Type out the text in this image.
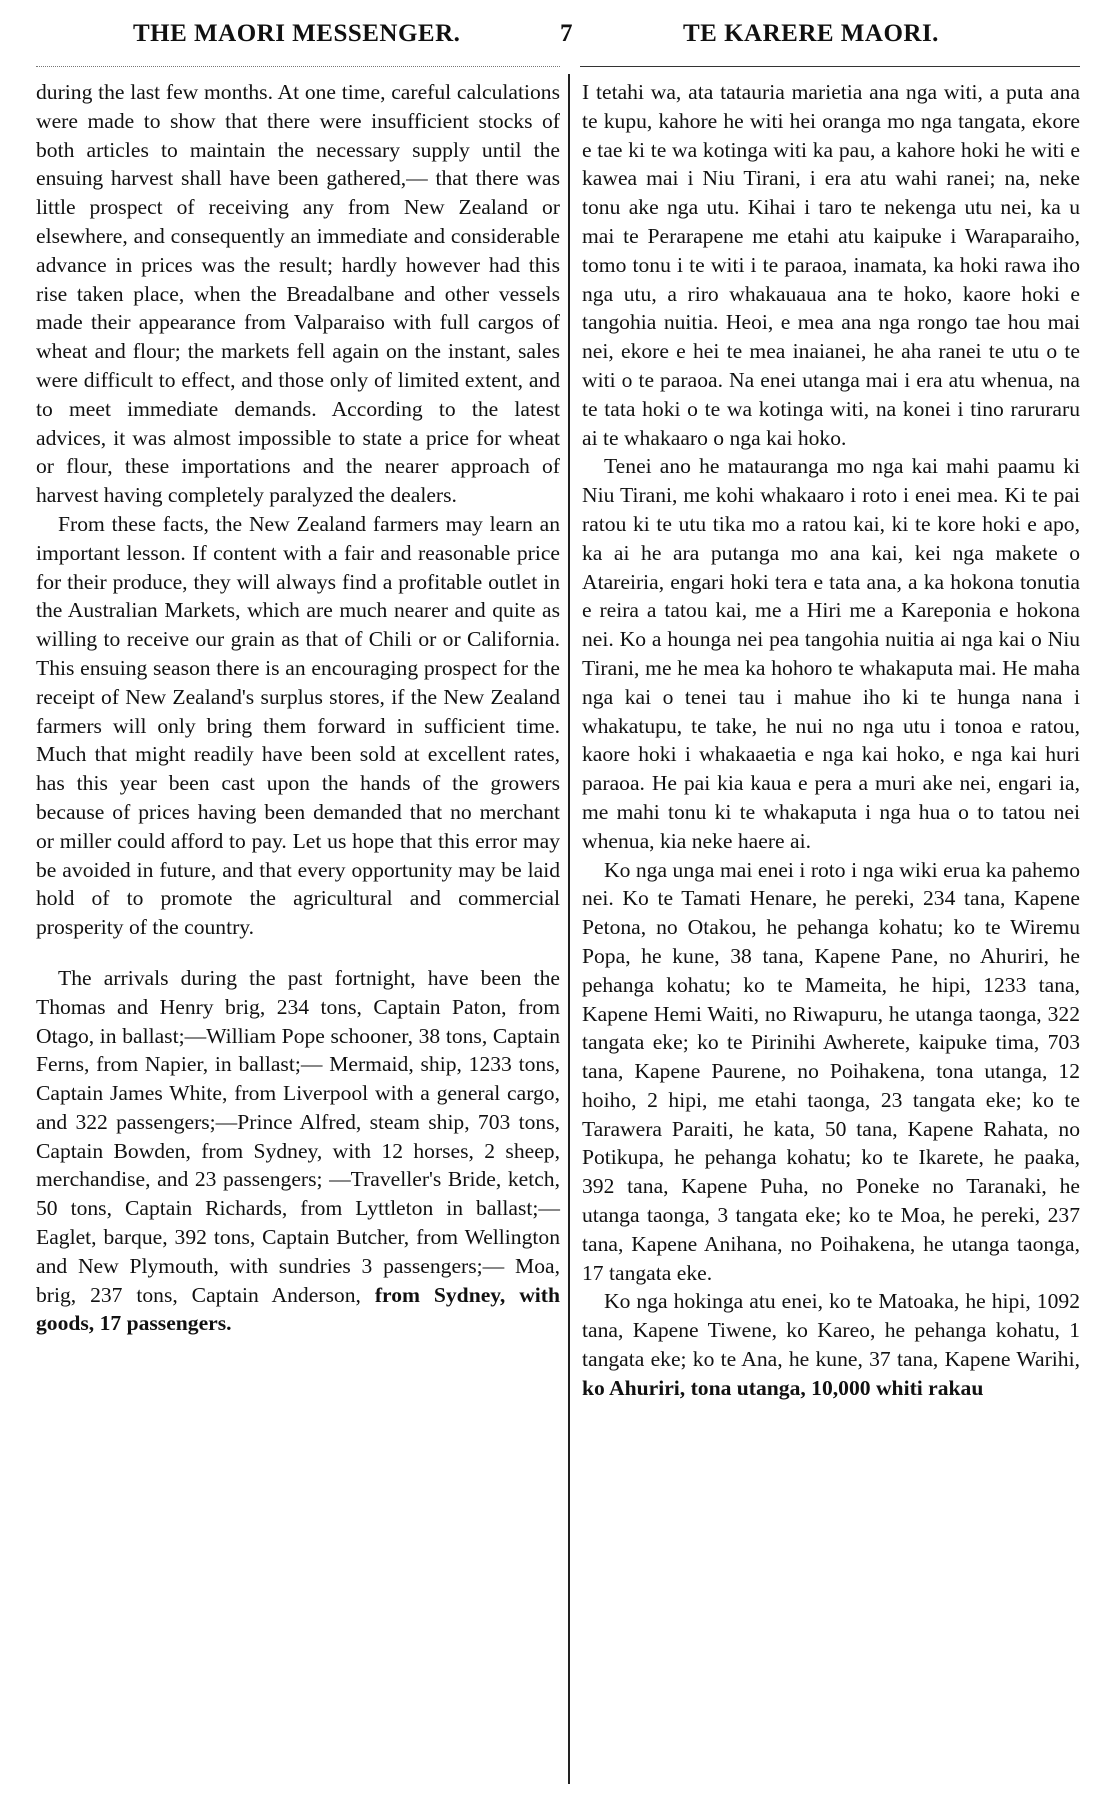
THE MAORI MESSENGER.	7	TE KARERE MAORI.

during the last few months. At one time, careful calculations were made to show that there were insufficient stocks of both articles to maintain the necessary supply until the ensuing harvest shall have been gathered,— that there was little prospect of receiving any from New Zealand or elsewhere, and consequently an immediate and considerable advance in prices was the result; hardly however had this rise taken place, when the Breadalbane and other vessels made their appearance from Valparaiso with full cargos of wheat and flour; the markets fell again on the instant, sales were difficult to effect, and those only of limited extent, and to meet immediate demands. According to the latest advices, it was almost impossible to state a price for wheat or flour, these importations and the nearer approach of harvest having completely paralyzed the dealers.

From these facts, the New Zealand farmers may learn an important lesson. If content with a fair and reasonable price for their produce, they will always find a profitable outlet in the Australian Markets, which are much nearer and quite as willing to receive our grain as that of Chili or or California. This ensuing season there is an encouraging prospect for the receipt of New Zealand's surplus stores, if the New Zealand farmers will only bring them forward in sufficient time. Much that might readily have been sold at excellent rates, has this year been cast upon the hands of the growers because of prices having been demanded that no merchant or miller could afford to pay. Let us hope that this error may be avoided in future, and that every opportunity may be laid hold of to promote the agricultural and commercial prosperity of the country.

The arrivals during the past fortnight, have been the Thomas and Henry brig, 234 tons, Captain Paton, from Otago, in ballast;—William Pope schooner, 38 tons, Captain Ferns, from Napier, in ballast;— Mermaid, ship, 1233 tons, Captain James White, from Liverpool with a general cargo, and 322 passengers;—Prince Alfred, steam ship, 703 tons, Captain Bowden, from Sydney, with 12 horses, 2 sheep, merchandise, and 23 passengers; —Traveller's Bride, ketch, 50 tons, Captain Richards, from Lyttleton in ballast;—Eaglet, barque, 392 tons, Captain Butcher, from Wellington and New Plymouth, with sundries 3 passengers;— Moa, brig, 237 tons, Captain Anderson, from Sydney, with goods, 17 passengers.

I tetahi wa, ata tatauria marietia ana nga witi, a puta ana te kupu, kahore he witi hei oranga mo nga tangata, ekore e tae ki te wa kotinga witi ka pau, a kahore hoki he witi e kawea mai i Niu Tirani, i era atu wahi ranei; na, neke tonu ake nga utu. Kihai i taro te nekenga utu nei, ka u mai te Perarapene me etahi atu kaipuke i Waraparaiho, tomo tonu i te witi i te paraoa, inamata, ka hoki rawa iho nga utu, a riro whakauaua ana te hoko, kaore hoki e tangohia nuitia. Heoi, e mea ana nga rongo tae hou mai nei, ekore e hei te mea inaianei, he aha ranei te utu o te witi o te paraoa. Na enei utanga mai i era atu whenua, na te tata hoki o te wa kotinga witi, na konei i tino raruraru ai te whakaaro o nga kai hoko.

Tenei ano he matauranga mo nga kai mahi paamu ki Niu Tirani, me kohi whakaaro i roto i enei mea. Ki te pai ratou ki te utu tika mo a ratou kai, ki te kore hoki e apo, ka ai he ara putanga mo ana kai, kei nga makete o Atareiria, engari hoki tera e tata ana, a ka hokona tonutia e reira a tatou kai, me a Hiri me a Kareponia e hokona nei. Ko a hounga nei pea tangohia nuitia ai nga kai o Niu Tirani, me he mea ka hohoro te whakaputa mai. He maha nga kai o tenei tau i mahue iho ki te hunga nana i whakatupu, te take, he nui no nga utu i tonoa e ratou, kaore hoki i whakaaetia e nga kai hoko, e nga kai huri paraoa. He pai kia kaua e pera a muri ake nei, engari ia, me mahi tonu ki te whakaputa i nga hua o to tatou nei whenua, kia neke haere ai.

Ko nga unga mai enei i roto i nga wiki erua ka pahemo nei. Ko te Tamati Henare, he pereki, 234 tana, Kapene Petona, no Otakou, he pehanga kohatu; ko te Wiremu Popa, he kune, 38 tana, Kapene Pane, no Ahuriri, he pehanga kohatu; ko te Mameita, he hipi, 1233 tana, Kapene Hemi Waiti, no Riwapuru, he utanga taonga, 322 tangata eke; ko te Pirinihi Awherete, kaipuke tima, 703 tana, Kapene Paurene, no Poihakena, tona utanga, 12 hoiho, 2 hipi, me etahi taonga, 23 tangata eke; ko te Tarawera Paraiti, he kata, 50 tana, Kapene Rahata, no Potikupa, he pehanga kohatu; ko te Ikarete, he paaka, 392 tana, Kapene Puha, no Poneke no Taranaki, he utanga taonga, 3 tangata eke; ko te Moa, he pereki, 237 tana, Kapene Anihana, no Poihakena, he utanga taonga, 17 tangata eke.

Ko nga hokinga atu enei, ko te Matoaka, he hipi, 1092 tana, Kapene Tiwene, ko Kareo, he pehanga kohatu, 1 tangata eke; ko te Ana, he kune, 37 tana, Kapene Warihi, ko Ahuriri, tona utanga, 10,000 whiti rakau
